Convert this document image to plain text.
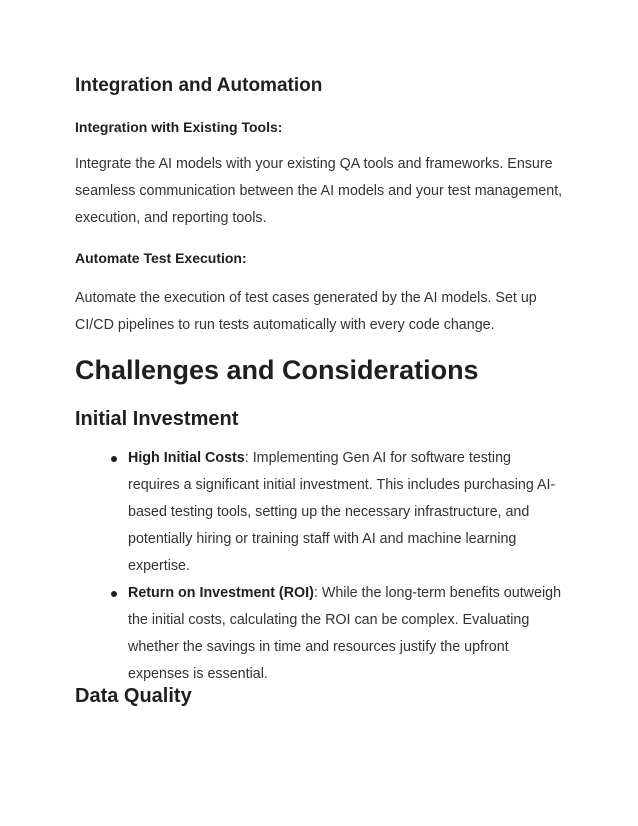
Integration and Automation
Integration with Existing Tools:
Integrate the AI models with your existing QA tools and frameworks. Ensure seamless communication between the AI models and your test management, execution, and reporting tools.
Automate Test Execution:
Automate the execution of test cases generated by the AI models. Set up CI/CD pipelines to run tests automatically with every code change.
Challenges and Considerations
Initial Investment
High Initial Costs: Implementing Gen AI for software testing requires a significant initial investment. This includes purchasing AI-based testing tools, setting up the necessary infrastructure, and potentially hiring or training staff with AI and machine learning expertise.
Return on Investment (ROI): While the long-term benefits outweigh the initial costs, calculating the ROI can be complex. Evaluating whether the savings in time and resources justify the upfront expenses is essential.
Data Quality
